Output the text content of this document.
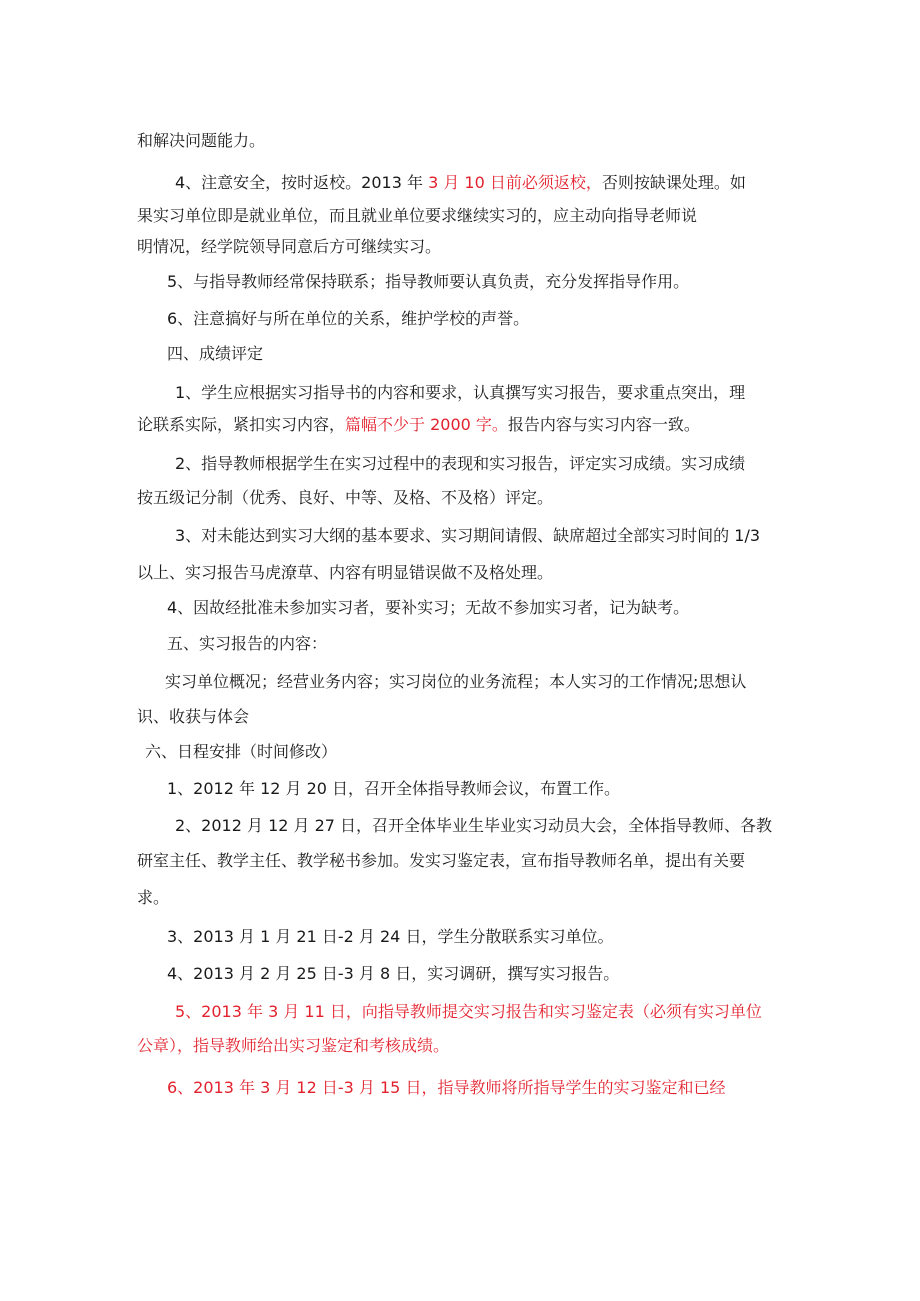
和解决问题能力。
4、注意安全，按时返校。2013 年 3 月 10 日前必须返校，否则按缺课处理。如
果实习单位即是就业单位，而且就业单位要求继续实习的，应主动向指导老师说
明情况，经学院领导同意后方可继续实习。
5、与指导教师经常保持联系；指导教师要认真负责，充分发挥指导作用。
6、注意搞好与所在单位的关系，维护学校的声誉。
四、成绩评定
1、学生应根据实习指导书的内容和要求，认真撰写实习报告，要求重点突出，理
论联系实际，紧扣实习内容，篇幅不少于 2000 字。报告内容与实习内容一致。
2、指导教师根据学生在实习过程中的表现和实习报告，评定实习成绩。实习成绩
按五级记分制（优秀、良好、中等、及格、不及格）评定。
3、对未能达到实习大纲的基本要求、实习期间请假、缺席超过全部实习时间的 1/3
以上、实习报告马虎潦草、内容有明显错误做不及格处理。
4、因故经批准未参加实习者，要补实习；无故不参加实习者，记为缺考。
五、实习报告的内容：
实习单位概况；经营业务内容；实习岗位的业务流程；本人实习的工作情况;思想认
识、收获与体会
六、日程安排（时间修改）
1、2012 年 12 月 20 日，召开全体指导教师会议，布置工作。
2、2012 月 12 月 27 日，召开全体毕业生毕业实习动员大会，全体指导教师、各教
研室主任、教学主任、教学秘书参加。发实习鉴定表，宣布指导教师名单，提出有关要
求。
3、2013 月 1 月 21 日-2 月 24 日，学生分散联系实习单位。
4、2013 月 2 月 25 日-3 月 8 日，实习调研，撰写实习报告。
5、2013 年 3 月 11 日，向指导教师提交实习报告和实习鉴定表（必须有实习单位
公章），指导教师给出实习鉴定和考核成绩。
6、2013 年 3 月 12 日-3 月 15 日，指导教师将所指导学生的实习鉴定和已经
